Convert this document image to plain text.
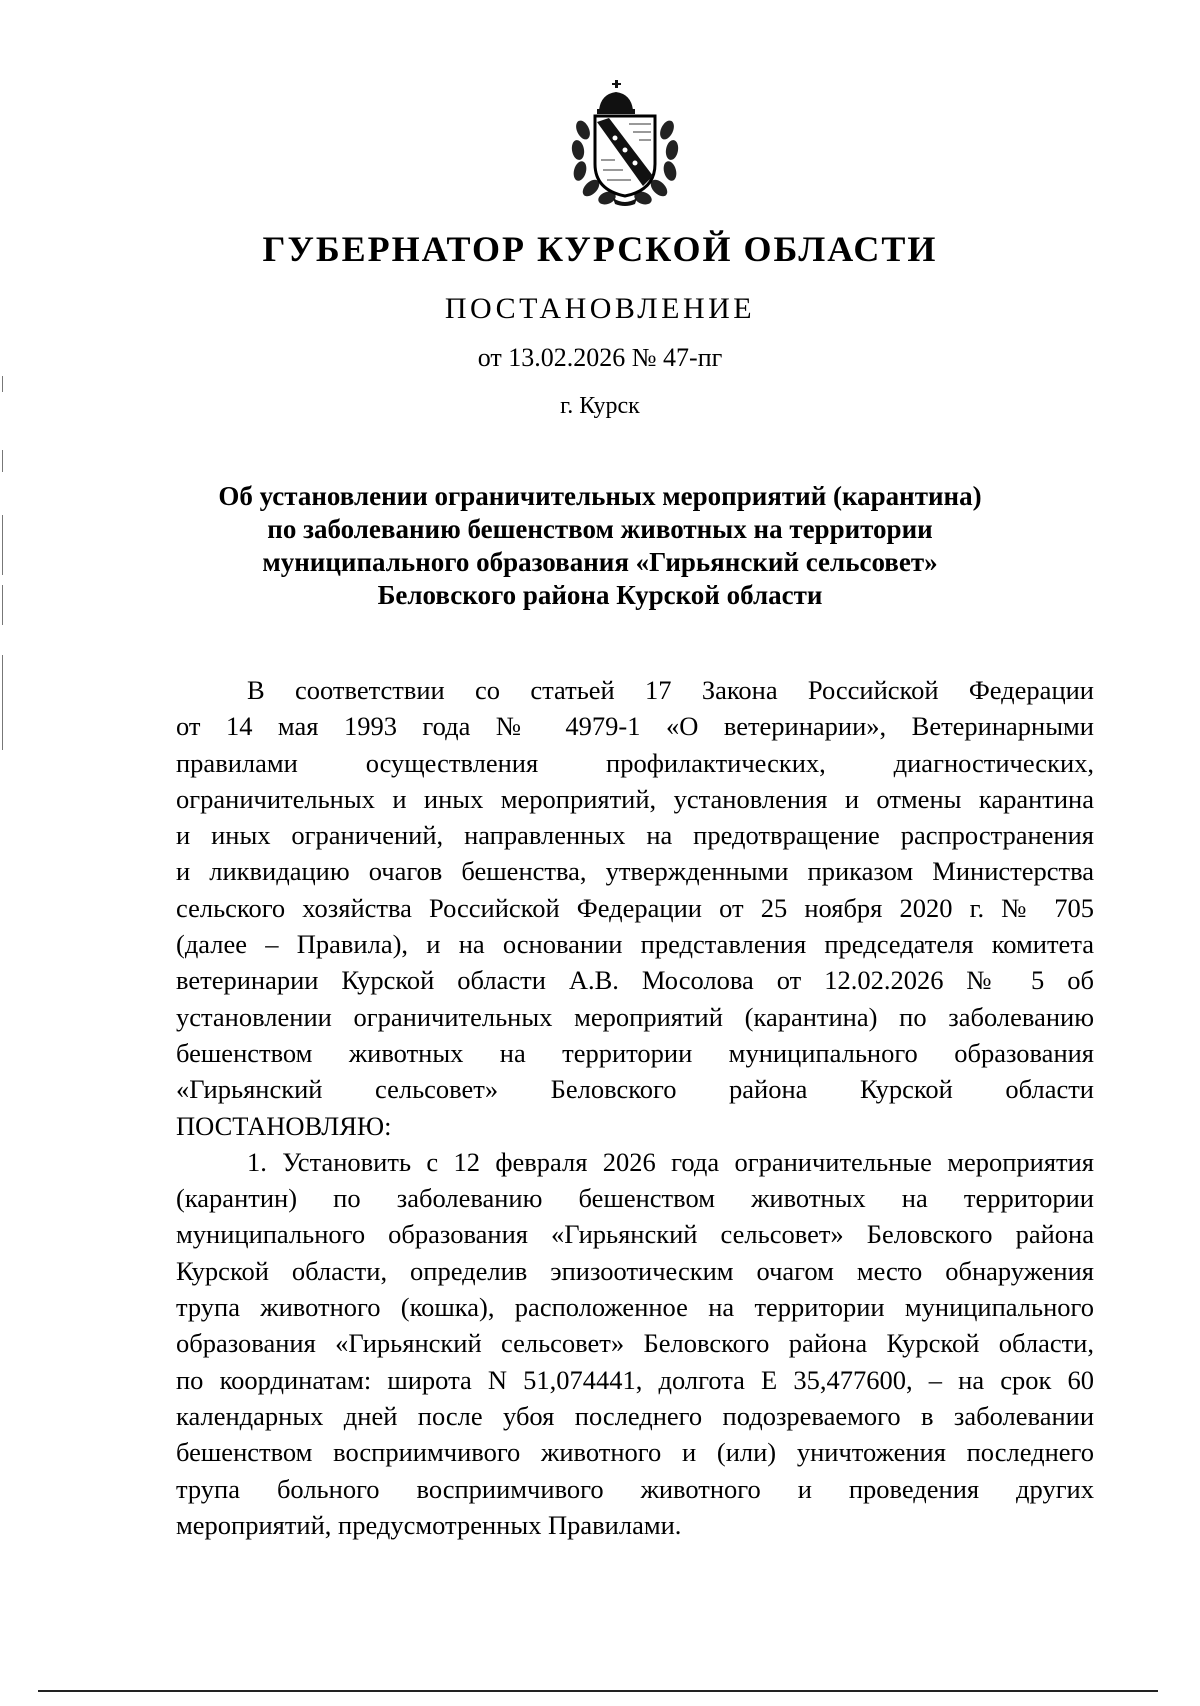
ГУБЕРНАТОР КУРСКОЙ ОБЛАСТИ
ПОСТАНОВЛЕНИЕ
от 13.02.2026 № 47-пг
г. Курск
Об установлении ограничительных мероприятий (карантина)
по заболеванию бешенством животных на территории
муниципального образования «Гирьянский сельсовет»
Беловского района Курской области
В соответствии со статьей 17 Закона Российской Федерации
от 14 мая 1993 года № 4979-1 «О ветеринарии», Ветеринарными
правилами осуществления профилактических, диагностических,
ограничительных и иных мероприятий, установления и отмены карантина
и иных ограничений, направленных на предотвращение распространения
и ликвидацию очагов бешенства, утвержденными приказом Министерства
сельского хозяйства Российской Федерации от 25 ноября 2020 г. № 705
(далее – Правила), и на основании представления председателя комитета
ветеринарии Курской области А.В. Мосолова от 12.02.2026 № 5 об
установлении ограничительных мероприятий (карантина) по заболеванию
бешенством животных на территории муниципального образования
«Гирьянский сельсовет» Беловского района Курской области
ПОСТАНОВЛЯЮ:
1. Установить с 12 февраля 2026 года ограничительные мероприятия
(карантин) по заболеванию бешенством животных на территории
муниципального образования «Гирьянский сельсовет» Беловского района
Курской области, определив эпизоотическим очагом место обнаружения
трупа животного (кошка), расположенное на территории муниципального
образования «Гирьянский сельсовет» Беловского района Курской области,
по координатам: широта N 51,074441, долгота E 35,477600, – на срок 60
календарных дней после убоя последнего подозреваемого в заболевании
бешенством восприимчивого животного и (или) уничтожения последнего
трупа больного восприимчивого животного и проведения других
мероприятий, предусмотренных Правилами.
